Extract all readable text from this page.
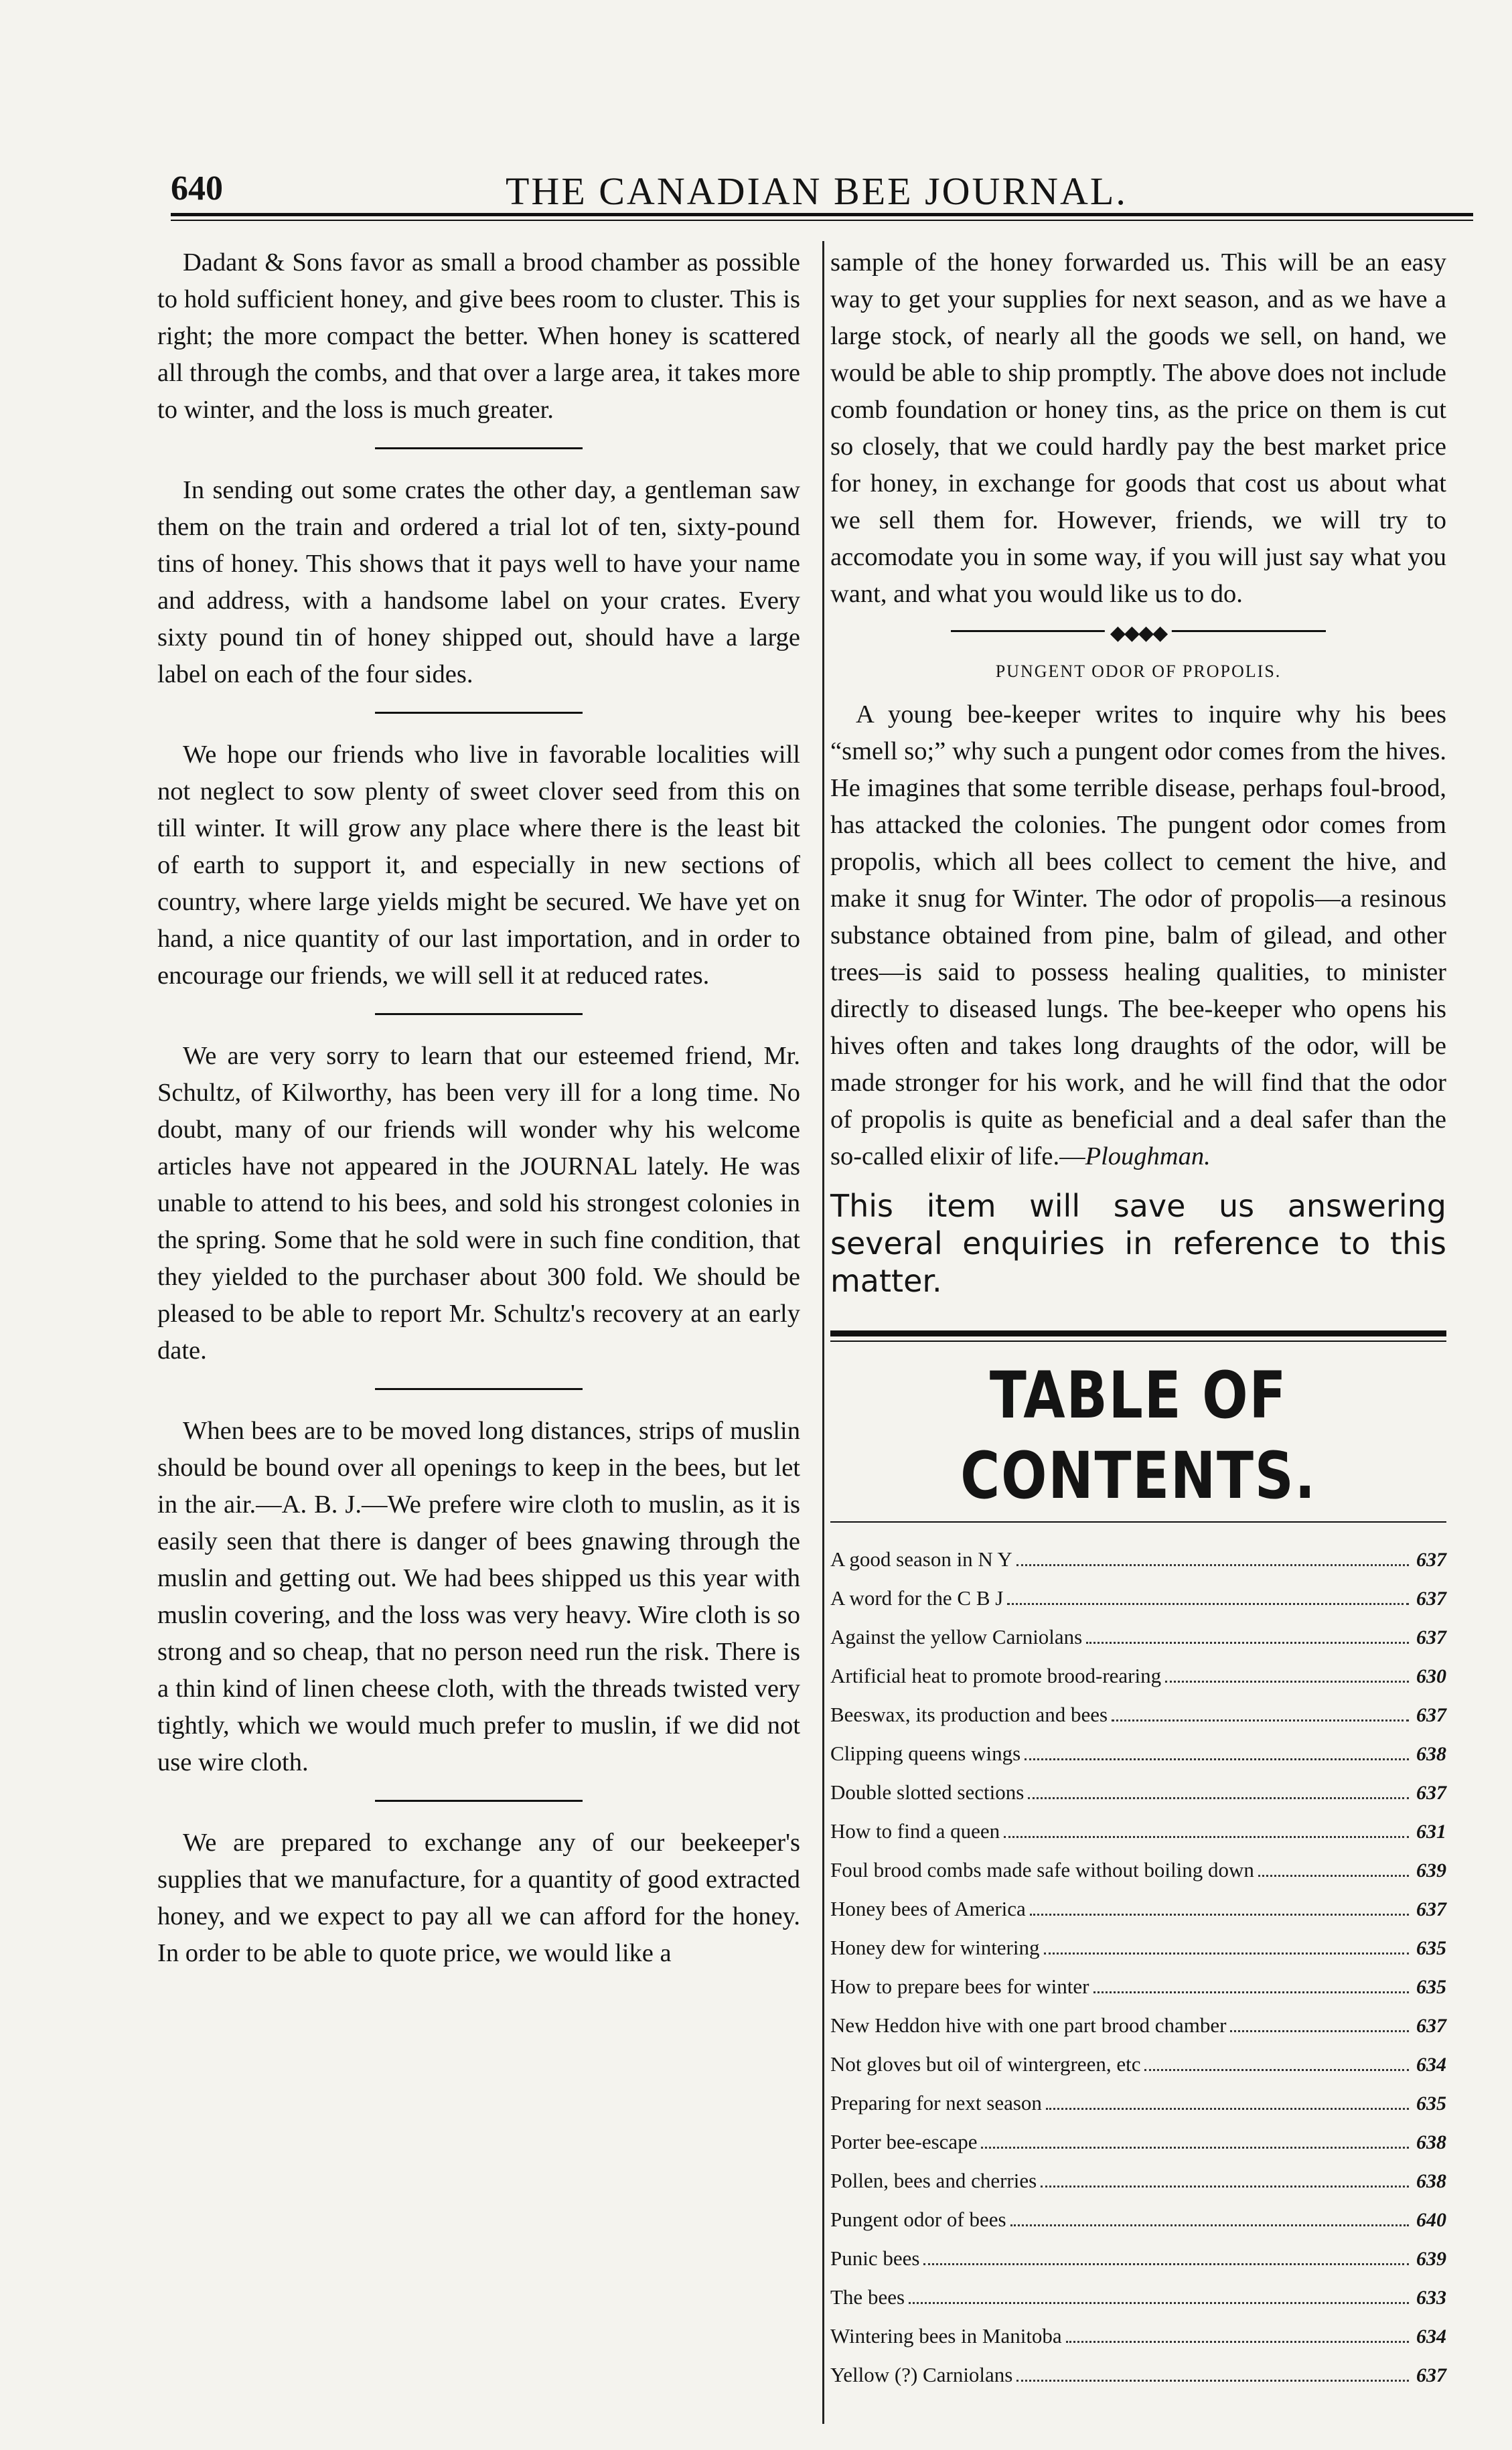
640	THE CANADIAN BEE JOURNAL.

Dadant & Sons favor as small a brood chamber as possible to hold sufficient honey, and give bees room to cluster. This is right; the more compact the better. When honey is scattered all through the combs, and that over a large area, it takes more to winter, and the loss is much greater.

In sending out some crates the other day, a gentleman saw them on the train and ordered a trial lot of ten, sixty-pound tins of honey. This shows that it pays well to have your name and address, with a handsome label on your crates. Every sixty pound tin of honey shipped out, should have a large label on each of the four sides.

We hope our friends who live in favorable localities will not neglect to sow plenty of sweet clover seed from this on till winter. It will grow any place where there is the least bit of earth to support it, and especially in new sections of country, where large yields might be secured. We have yet on hand, a nice quantity of our last importation, and in order to encourage our friends, we will sell it at reduced rates.

We are very sorry to learn that our esteemed friend, Mr. Schultz, of Kilworthy, has been very ill for a long time. No doubt, many of our friends will wonder why his welcome articles have not appeared in the JOURNAL lately. He was unable to attend to his bees, and sold his strongest colonies in the spring. Some that he sold were in such fine condition, that they yielded to the purchaser about 300 fold. We should be pleased to be able to report Mr. Schultz's recovery at an early date.

When bees are to be moved long distances, strips of muslin should be bound over all openings to keep in the bees, but let in the air.—A. B. J.—We prefere wire cloth to muslin, as it is easily seen that there is danger of bees gnawing through the muslin and getting out. We had bees shipped us this year with muslin covering, and the loss was very heavy. Wire cloth is so strong and so cheap, that no person need run the risk. There is a thin kind of linen cheese cloth, with the threads twisted very tightly, which we would much prefer to muslin, if we did not use wire cloth.

We are prepared to exchange any of our beekeeper's supplies that we manufacture, for a quantity of good extracted honey, and we expect to pay all we can afford for the honey. In order to be able to quote price, we would like a

sample of the honey forwarded us. This will be an easy way to get your supplies for next season, and as we have a large stock, of nearly all the goods we sell, on hand, we would be able to ship promptly. The above does not include comb foundation or honey tins, as the price on them is cut so closely, that we could hardly pay the best market price for honey, in exchange for goods that cost us about what we sell them for. However, friends, we will try to accomodate you in some way, if you will just say what you want, and what you would like us to do.

◆◆◆◆
PUNGENT ODOR OF PROPOLIS.

A young bee-keeper writes to inquire why his bees “smell so;” why such a pungent odor comes from the hives. He imagines that some terrible disease, perhaps foul-brood, has attacked the colonies. The pungent odor comes from propolis, which all bees collect to cement the hive, and make it snug for Winter. The odor of propolis—a resinous substance obtained from pine, balm of gilead, and other trees—is said to possess healing qualities, to minister directly to diseased lungs. The bee-keeper who opens his hives often and takes long draughts of the odor, will be made stronger for his work, and he will find that the odor of propolis is quite as beneficial and a deal safer than the so-called elixir of life.—Ploughman.

This item will save us answering several enquiries in reference to this matter.

TABLE OF CONTENTS.
A good season in N Y	637
A word for the C B J	637
Against the yellow Carniolans	637
Artificial heat to promote brood-rearing	630
Beeswax, its production and bees	637
Clipping queens wings	638
Double slotted sections	637
How to find a queen	631
Foul brood combs made safe without boiling down	639
Honey bees of America	637
Honey dew for wintering	635
How to prepare bees for winter	635
New Heddon hive with one part brood chamber	637
Not gloves but oil of wintergreen, etc	634
Preparing for next season	635
Porter bee-escape	638
Pollen, bees and cherries	638
Pungent odor of bees	640
Punic bees	639
The bees	633
Wintering bees in Manitoba	634
Yellow (?) Carniolans	637
